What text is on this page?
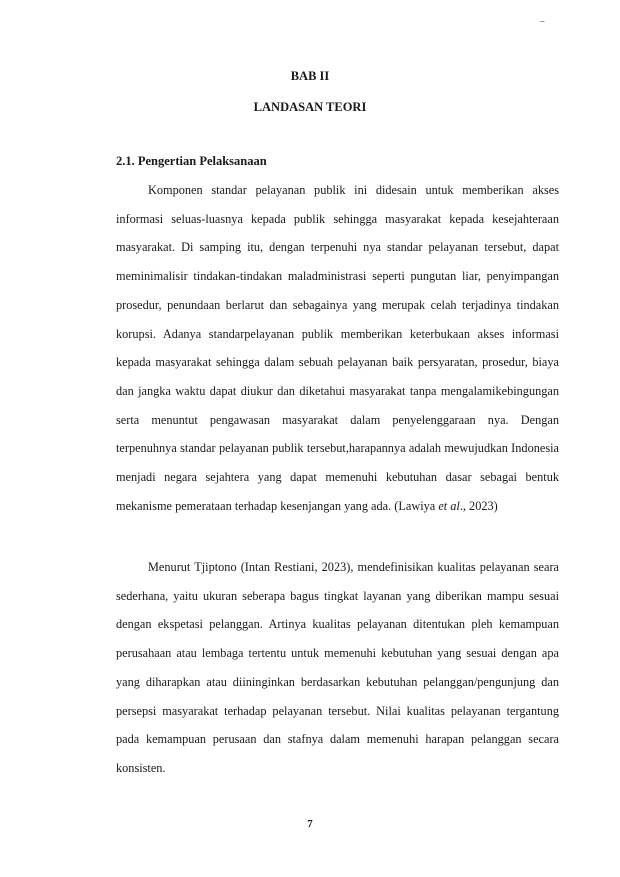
–
BAB II
LANDASAN TEORI
2.1. Pengertian Pelaksanaan

Komponen standar pelayanan publik ini didesain untuk memberikan akses informasi seluas-luasnya kepada publik sehingga masyarakat kepada kesejahteraan masyarakat. Di samping itu, dengan terpenuhi nya standar pelayanan tersebut, dapat meminimalisir tindakan-tindakan maladministrasi seperti pungutan liar, penyimpangan prosedur, penundaan berlarut dan sebagainya yang merupak celah terjadinya tindakan korupsi. Adanya standarpelayanan publik memberikan keterbukaan akses informasi kepada masyarakat sehingga dalam sebuah pelayanan baik persyaratan, prosedur, biaya dan jangka waktu dapat diukur dan diketahui masyarakat tanpa mengalamikebingungan serta menuntut pengawasan masyarakat dalam penyelenggaraan nya. Dengan terpenuhnya standar pelayanan publik tersebut,harapannya adalah mewujudkan Indonesia menjadi negara sejahtera yang dapat memenuhi kebutuhan dasar sebagai bentuk mekanisme pemerataan terhadap kesenjangan yang ada. (Lawiya et al., 2023)

Menurut Tjiptono (Intan Restiani, 2023), mendefinisikan kualitas pelayanan seara sederhana, yaitu ukuran seberapa bagus tingkat layanan yang diberikan mampu sesuai dengan ekspetasi pelanggan. Artinya kualitas pelayanan ditentukan pleh kemampuan perusahaan atau lembaga tertentu untuk memenuhi kebutuhan yang sesuai dengan apa yang diharapkan atau diininginkan berdasarkan kebutuhan pelanggan/pengunjung dan persepsi masyarakat terhadap pelayanan tersebut. Nilai kualitas pelayanan tergantung pada kemampuan perusaan dan stafnya dalam memenuhi harapan pelanggan secara konsisten.

7
